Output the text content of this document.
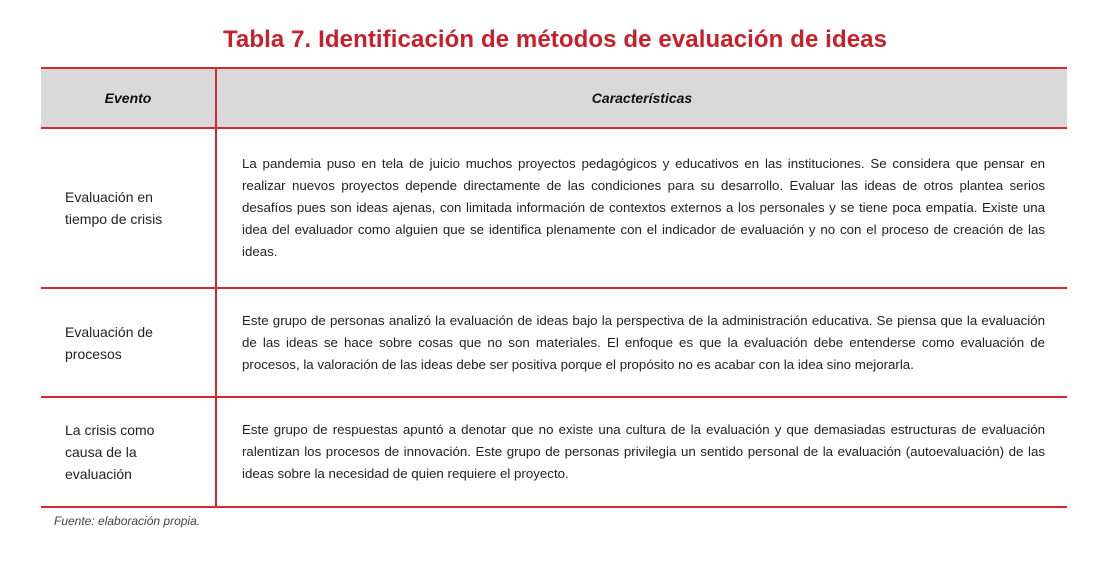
Tabla 7. Identificación de métodos de evaluación de ideas
Evento	Características
Evaluación en tiempo de crisis
La pandemia puso en tela de juicio muchos proyectos pedagógicos y educativos en las instituciones. Se considera que pensar en realizar nuevos proyectos depende directamente de las condiciones para su desarrollo. Evaluar las ideas de otros plantea serios desafíos pues son ideas ajenas, con limitada información de contextos externos a los personales y se tiene poca empatía. Existe una idea del evaluador como alguien que se identifica plenamente con el indicador de evaluación y no con el proceso de creación de las ideas.
Evaluación de procesos
Este grupo de personas analizó la evaluación de ideas bajo la perspectiva de la administración educativa. Se piensa que la evaluación de las ideas se hace sobre cosas que no son materiales. El enfoque es que la evaluación debe entenderse como evaluación de procesos, la valoración de las ideas debe ser positiva porque el propósito no es acabar con la idea sino mejorarla.
La crisis como causa de la evaluación
Este grupo de respuestas apuntó a denotar que no existe una cultura de la evaluación y que demasiadas estructuras de evaluación ralentizan los procesos de innovación. Este grupo de personas privilegia un sentido personal de la evaluación (autoevaluación) de las ideas sobre la necesidad de quien requiere el proyecto.
Fuente: elaboración propia.
